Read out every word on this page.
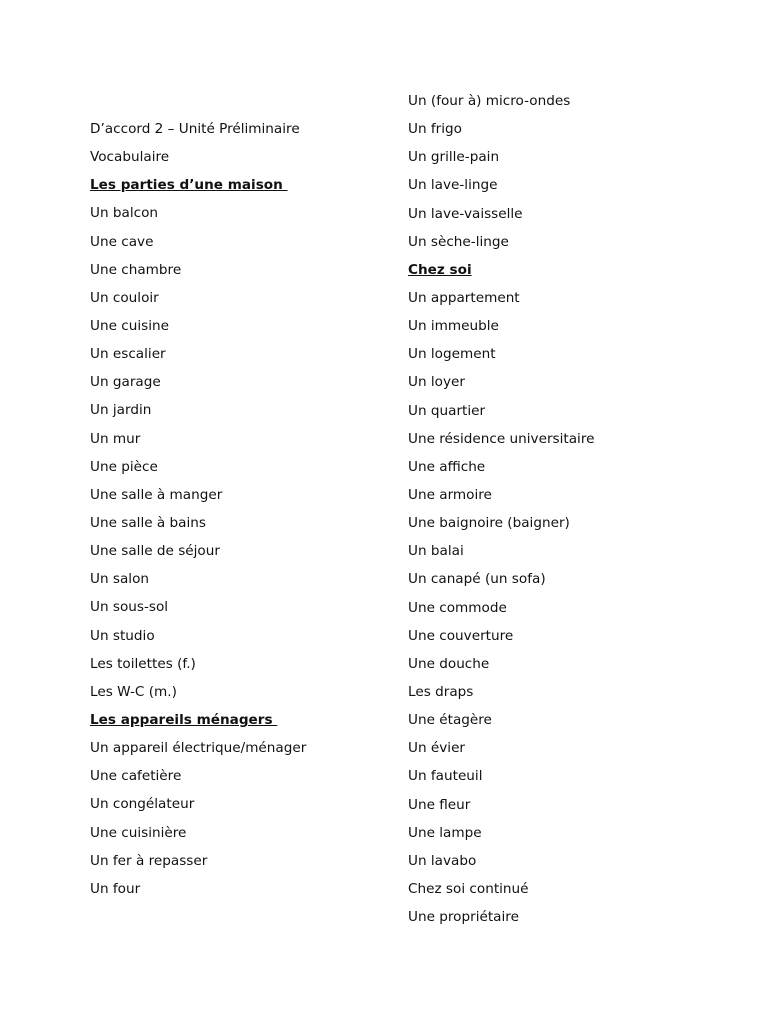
D’accord 2 – Unité Préliminaire
Vocabulaire
Les parties d’une maison
Un balcon
Une cave
Une chambre
Un couloir
Une cuisine
Un escalier
Un garage
Un jardin
Un mur
Une pièce
Une salle à manger
Une salle à bains
Une salle de séjour
Un salon
Un sous-sol
Un studio
Les toilettes (f.)
Les W-C (m.)
Les appareils ménagers
Un appareil électrique/ménager
Une cafetière
Un congélateur
Une cuisinière
Un fer à repasser
Un four
Un (four à) micro-ondes
Un frigo
Un grille-pain
Un lave-linge
Un lave-vaisselle
Un sèche-linge
Chez soi
Un appartement
Un immeuble
Un logement
Un loyer
Un quartier
Une résidence universitaire
Une affiche
Une armoire
Une baignoire (baigner)
Un balai
Un canapé (un sofa)
Une commode
Une couverture
Une douche
Les draps
Une étagère
Un évier
Un fauteuil
Une fleur
Une lampe
Un lavabo
Chez soi continué
Une propriétaire
